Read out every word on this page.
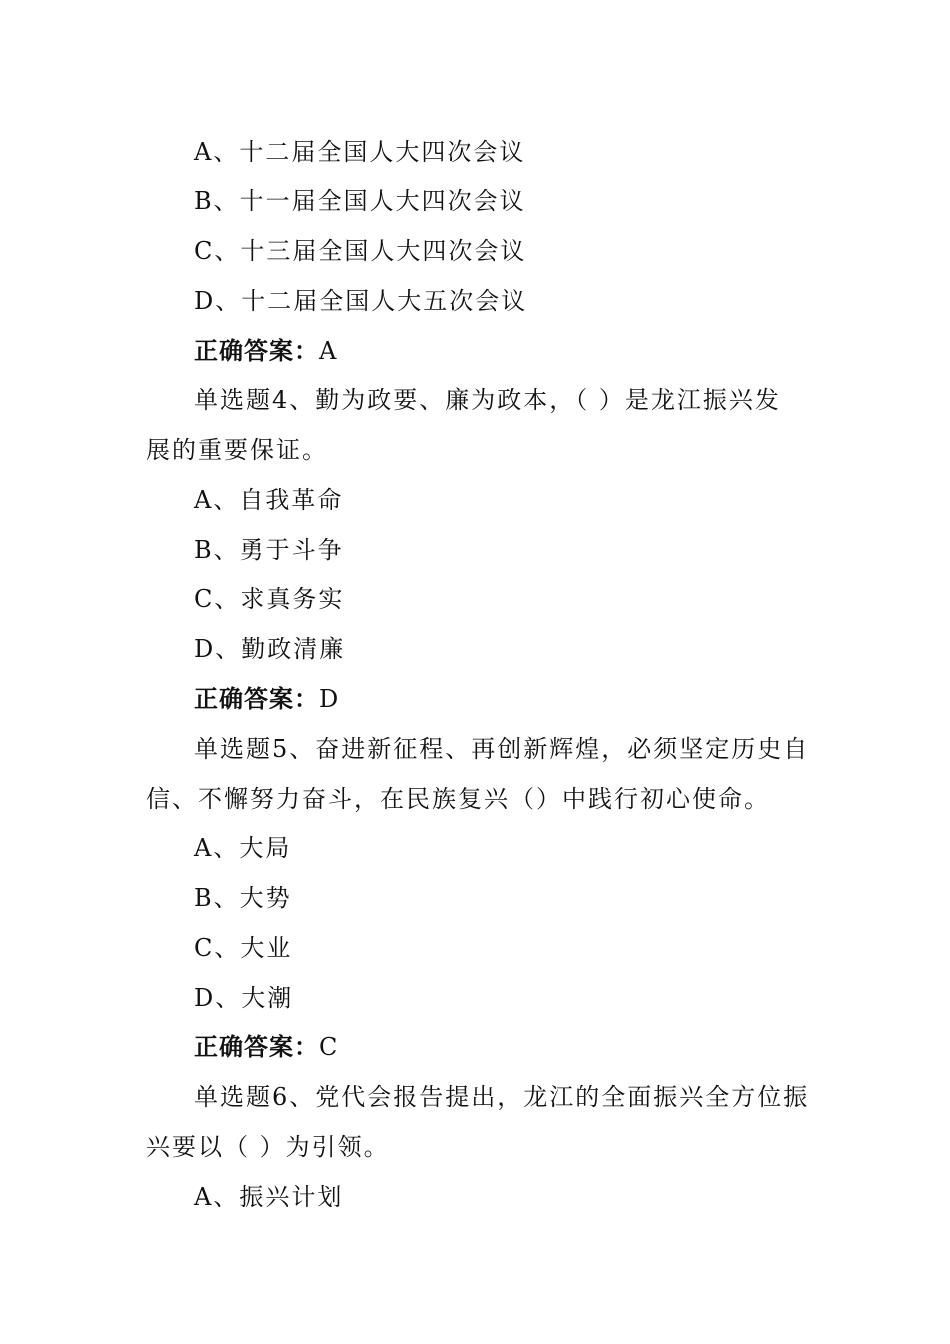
A、十二届全国人大四次会议
B、十一届全国人大四次会议
C、十三届全国人大四次会议
D、十二届全国人大五次会议
正确答案：A
单选题4、勤为政要、廉为政本，（ ）是龙江振兴发
展的重要保证。
A、自我革命
B、勇于斗争
C、求真务实
D、勤政清廉
正确答案：D
单选题5、奋进新征程、再创新辉煌，必须坚定历史自
信、不懈努力奋斗，在民族复兴（）中践行初心使命。
A、大局
B、大势
C、大业
D、大潮
正确答案：C
单选题6、党代会报告提出，龙江的全面振兴全方位振
兴要以（ ）为引领。
A、振兴计划
